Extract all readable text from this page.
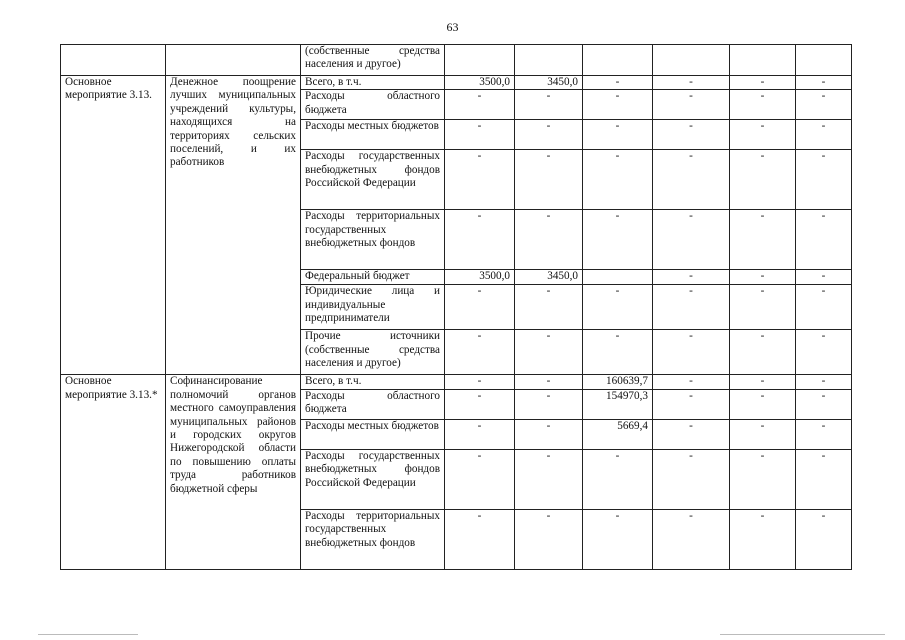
63
		(собственные средства населения и другое)						
Основное мероприятие 3.13.	Денежное поощрение лучших муниципальных учреждений культуры, находящихся на территориях сельских поселений, и их работников	Всего, в т.ч.	3500,0	3450,0	-	-	-	-
		Расходы областного бюджета	-	-	-	-	-	-
		Расходы местных бюджетов	-	-	-	-	-	-
		Расходы государственных внебюджетных фондов Российской Федерации	-	-	-	-	-	-
		Расходы территориальных государственных внебюджетных фондов	-	-	-	-	-	-
		Федеральный бюджет	3500,0	3450,0		-	-	-
		Юридические лица и индивидуальные предприниматели	-	-	-	-	-	-
		Прочие источники (собственные средства населения и другое)	-	-	-	-	-	-
Основное мероприятие 3.13.*	Софинансирование полномочий органов местного самоуправления муниципальных районов и городских округов Нижегородской области по повышению оплаты труда работников бюджетной сферы	Всего, в т.ч.	-	-	160639,7	-	-	-
		Расходы областного бюджета	-	-	154970,3	-	-	-
		Расходы местных бюджетов	-	-	5669,4	-	-	-
		Расходы государственных внебюджетных фондов Российской Федерации	-	-	-	-	-	-
		Расходы территориальных государственных внебюджетных фондов	-	-	-	-	-	-
